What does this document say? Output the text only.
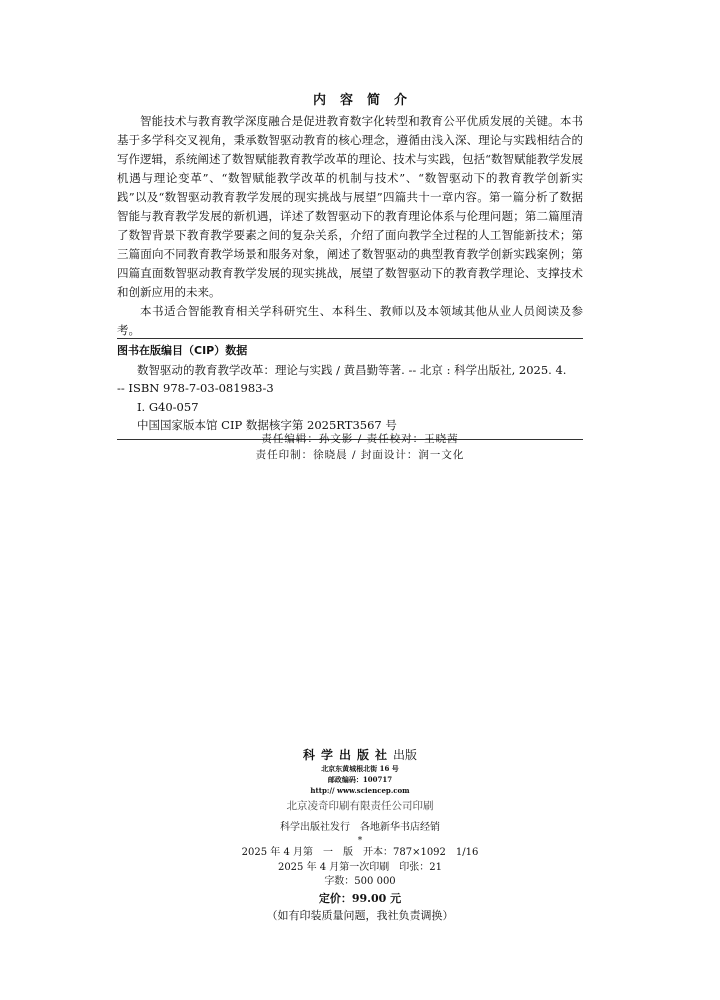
内容简介

智能技术与教育教学深度融合是促进教育数字化转型和教育公平优质发展的关键。本书基于多学科交叉视角，秉承数智驱动教育的核心理念，遵循由浅入深、理论与实践相结合的写作逻辑，系统阐述了数智赋能教育教学改革的理论、技术与实践，包括“数智赋能教学发展机遇与理论变革”、“数智赋能教学改革的机制与技术”、“数智驱动下的教育教学创新实践”以及“数智驱动教育教学发展的现实挑战与展望”四篇共十一章内容。第一篇分析了数据智能与教育教学发展的新机遇，详述了数智驱动下的教育理论体系与伦理问题；第二篇厘清了数智背景下教育教学要素之间的复杂关系，介绍了面向教学全过程的人工智能新技术；第三篇面向不同教育教学场景和服务对象，阐述了数智驱动的典型教育教学创新实践案例；第四篇直面数智驱动教育教学发展的现实挑战，展望了数智驱动下的教育教学理论、支撑技术和创新应用的未来。

本书适合智能教育相关学科研究生、本科生、教师以及本领域其他从业人员阅读及参考。

图书在版编目（CIP）数据
数智驱动的教育教学改革：理论与实践 / 黄昌勤等著. -- 北京 : 科学出版社, 2025. 4.
-- ISBN 978-7-03-081983-3
Ⅰ. G40-057
中国国家版本馆 CIP 数据核字第 2025RT3567 号
责任编辑：孙文影 / 责任校对：王晓茜
责任印制：徐晓晨 / 封面设计：润一文化
科学出版社出版
北京东黄城根北街 16 号
邮政编码：100717
http:// www.sciencep.com
北京凌奇印刷有限责任公司印刷
科学出版社发行　各地新华书店经销
*
2025 年 4 月第　一　版　开本：787×1092　1/16
2025 年 4 月第一次印刷　印张：21
字数：500 000
定价：99.00 元
（如有印装质量问题，我社负责调换）
